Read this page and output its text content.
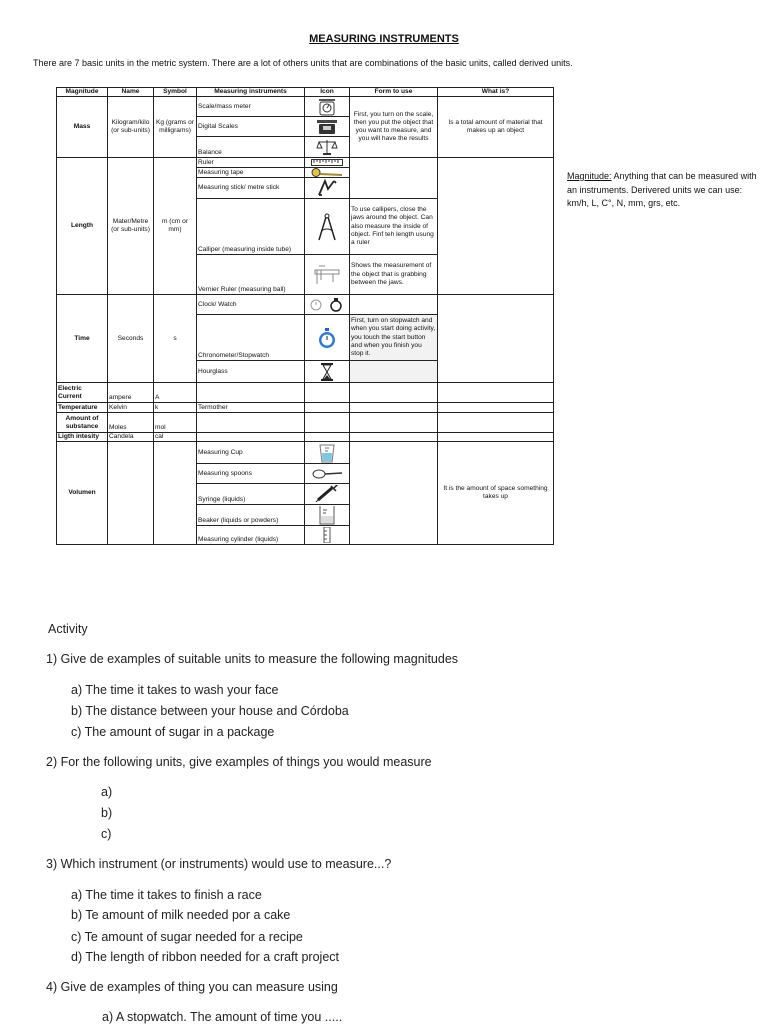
MEASURING INSTRUMENTS
There are 7 basic units in the metric system. There are a lot of others units that are combinations of the basic units, called derived units.
Magnitude	Name	Symbol	Measuring instruments	Icon	Form to use	What is?
Mass	Kilogram/kilo (or sub-units)	Kg (grams or milligrams)	Scale/mass meter		First, you turn on the scale, then you put the object that you want to measure, and you will have the results	Is a total amount of material that makes up an object
			Digital Scales	

			Balance	

Length	Mater/Metre (or sub-units)	m (cm or mm)	Ruler	

			Measuring tape	

			Measuring stick/ metre stick	

			Calliper (measuring inside tube)		To use callipers, close the jaws around the object. Can also measure the inside of object. Finf teh length usung a ruler	
			Vernier Ruler (measuring ball)		Shows the measurement of the object that is grabbing between the jaws.	
Time	Seconds	s	Clock/ Watch	

			Chronometer/Stopwatch		First, turn on stopwatch and when you start doing activity, you touch the start button and when you finish you stop it.	
			Hourglass	

Electric Current	ampere	A				
Temperature	Kelvin	k	Termother			
Amount of substance	Moles	mol				
Ligth intesity	Candela	cal				
Volumen			Measuring Cup			It is the amount of space something takes up
			Measuring spoons	

			Syringe (liquids)	

			Beaker (liquids or powders)	

			Measuring cylinder (liquids)	
Magnitude: Anything that can be measured with an instruments. Derivered units we can use: km/h, L, C°, N, mm, grs, etc.
Activity
1) Give de examples of suitable units to measure the following magnitudes
a) The time it takes to wash your face
b) The distance between your house and Córdoba
c) The amount of sugar in a package
2) For the following units, give examples of things you would measure
a)
b)
c)
3) Which instrument (or instruments) would use to measure...?
a) The time it takes to finish a race
b) Te amount of milk needed por a cake
c) Te amount of sugar needed for a recipe
d) The length of ribbon needed for a craft project
4) Give de examples of thing you can measure using
a) A stopwatch. The amount of time you .....
